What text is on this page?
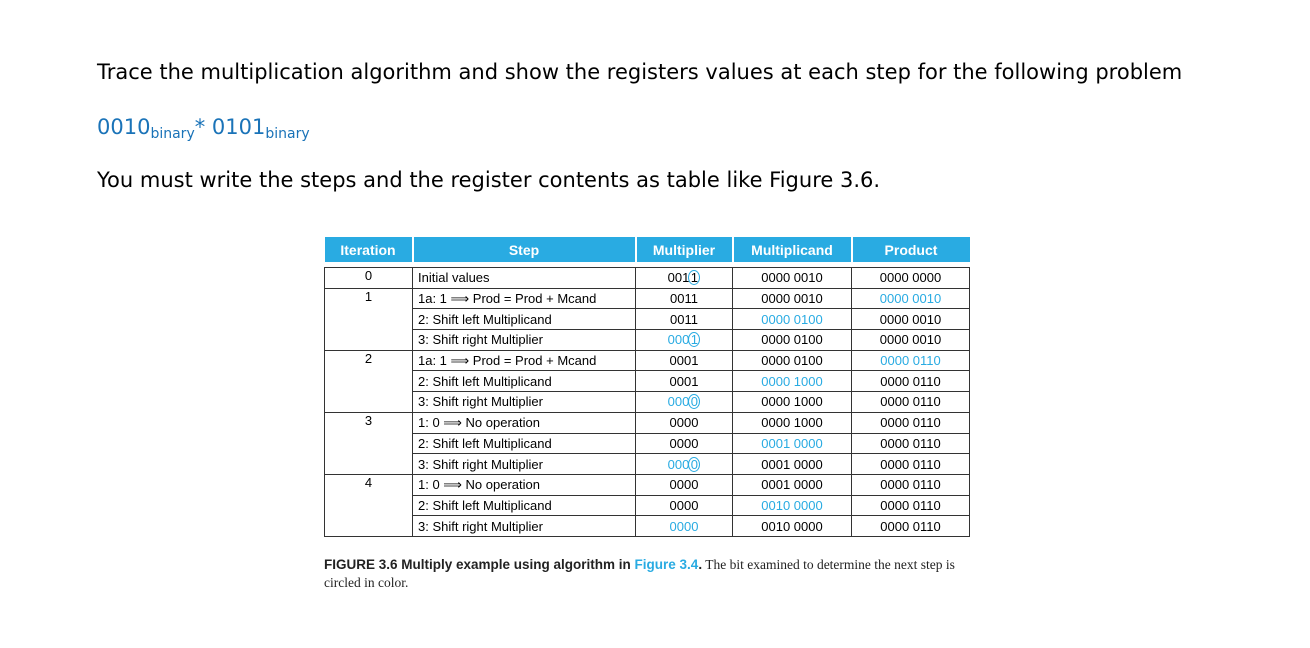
Trace the multiplication algorithm and show the registers values at each step for the following problem
$0010_{binary}*$ $0101_{binary}$
You must write the steps and the register contents as table like Figure 3.6.
Iteration	Step	Multiplier	Multiplicand	Product

0	Initial values	0011	0000 0010	0000 0000
1	1a: 1 ⟹ Prod = Prod + Mcand	0011	0000 0010	0000 0010
	2: Shift left Multiplicand	0011	0000 0100	0000 0010
	3: Shift right Multiplier	0001	0000 0100	0000 0010
2	1a: 1 ⟹ Prod = Prod + Mcand	0001	0000 0100	0000 0110
	2: Shift left Multiplicand	0001	0000 1000	0000 0110
	3: Shift right Multiplier	0000	0000 1000	0000 0110
3	1: 0 ⟹ No operation	0000	0000 1000	0000 0110
	2: Shift left Multiplicand	0000	0001 0000	0000 0110
	3: Shift right Multiplier	0000	0001 0000	0000 0110
4	1: 0 ⟹ No operation	0000	0001 0000	0000 0110
	2: Shift left Multiplicand	0000	0010 0000	0000 0110
	3: Shift right Multiplier	0000	0010 0000	0000 0110
FIGURE 3.6 Multiply example using algorithm in Figure 3.4. The bit examined to determine the next step is circled in color.
